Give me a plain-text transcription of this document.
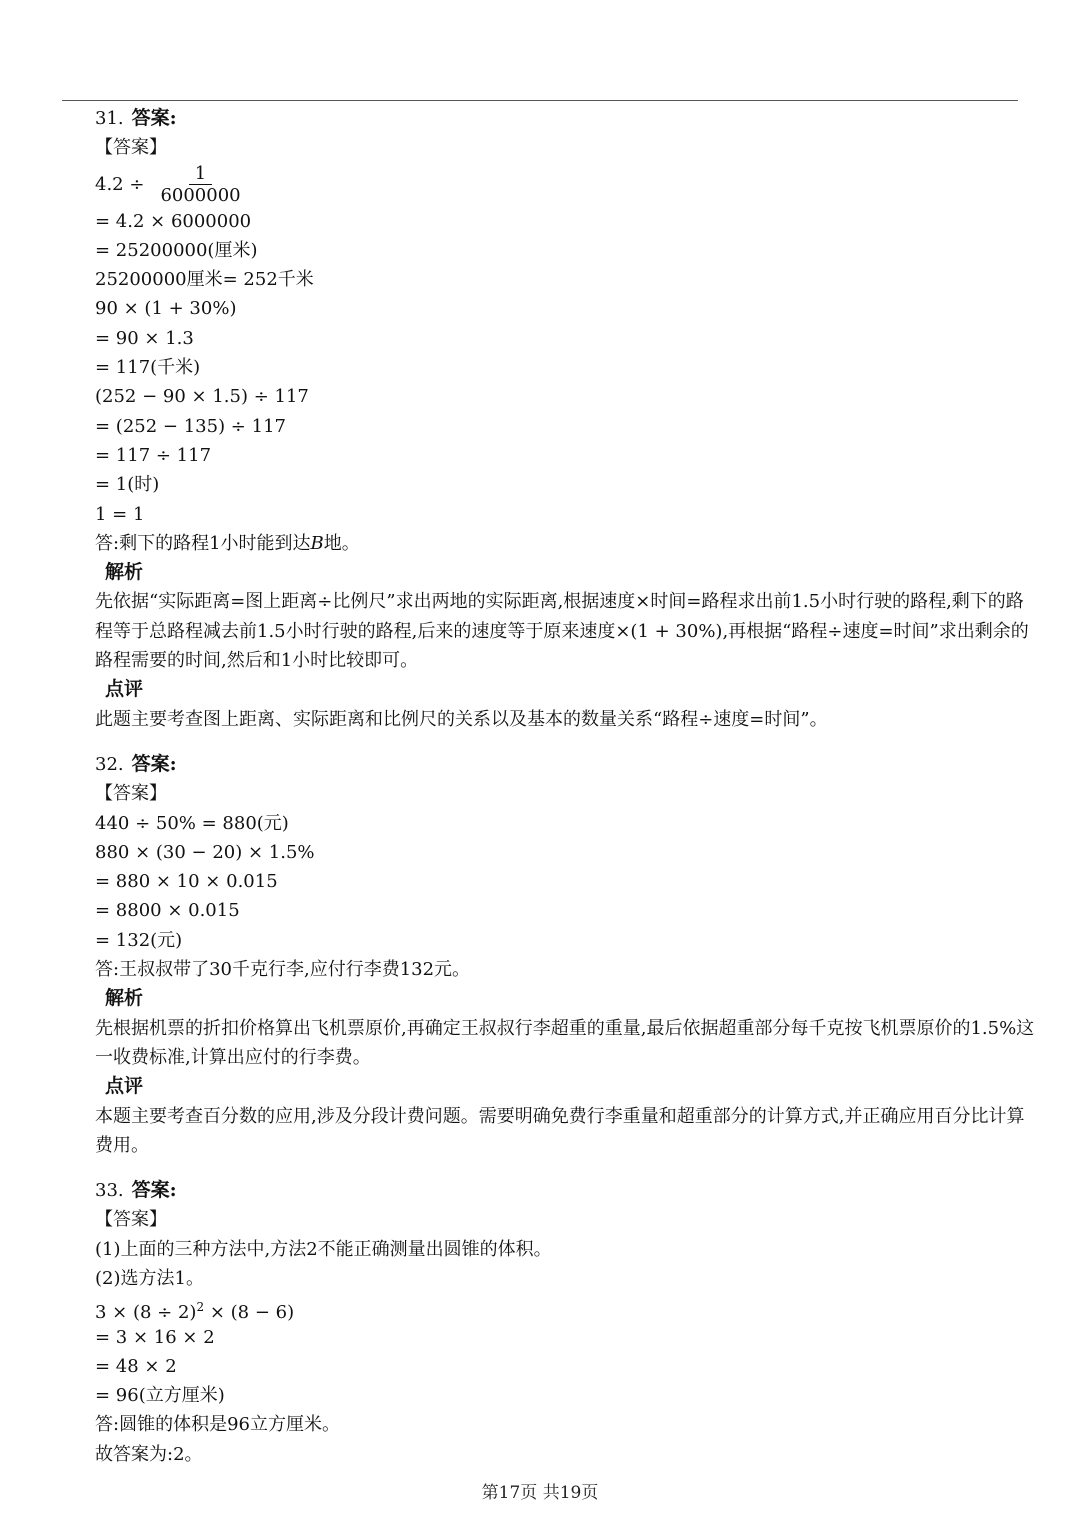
31. 答案:
【答案】
$4.2 \div \frac{1}{6000000}$
= 4.2 × 6000000
= 25200000(厘米)
25200000厘米= 252千米
90 × (1 + 30%)
= 90 × 1.3
= 117(千米)
(252 − 90 × 1.5) ÷ 117
= (252 − 135) ÷ 117
= 117 ÷ 117
= 1(时)
1 = 1
答:剩下的路程1小时能到达B地。
解析
先依据“实际距离=图上距离÷比例尺”求出两地的实际距离,根据速度×时间=路程求出前1.5小时行驶的路程,剩下的路程等于总路程减去前1.5小时行驶的路程,后来的速度等于原来速度×(1 + 30%),再根据“路程÷速度=时间”求出剩余的路程需要的时间,然后和1小时比较即可。
点评
此题主要考查图上距离、实际距离和比例尺的关系以及基本的数量关系“路程÷速度=时间”。
32. 答案:
【答案】
440 ÷ 50% = 880(元)
880 × (30 − 20) × 1.5%
= 880 × 10 × 0.015
= 8800 × 0.015
= 132(元)
答:王叔叔带了30千克行李,应付行李费132元。
解析
先根据机票的折扣价格算出飞机票原价,再确定王叔叔行李超重的重量,最后依据超重部分每千克按飞机票原价的1.5%这一收费标准,计算出应付的行李费。
点评
本题主要考查百分数的应用,涉及分段计费问题。需要明确免费行李重量和超重部分的计算方式,并正确应用百分比计算费用。
33. 答案:
【答案】
(1)上面的三种方法中,方法2不能正确测量出圆锥的体积。
(2)选方法1。
$3 \times (8 \div 2)^2 \times (8 - 6)$
= 3 × 16 × 2
= 48 × 2
= 96(立方厘米)
答:圆锥的体积是96立方厘米。
故答案为:2。
第17页 共19页
